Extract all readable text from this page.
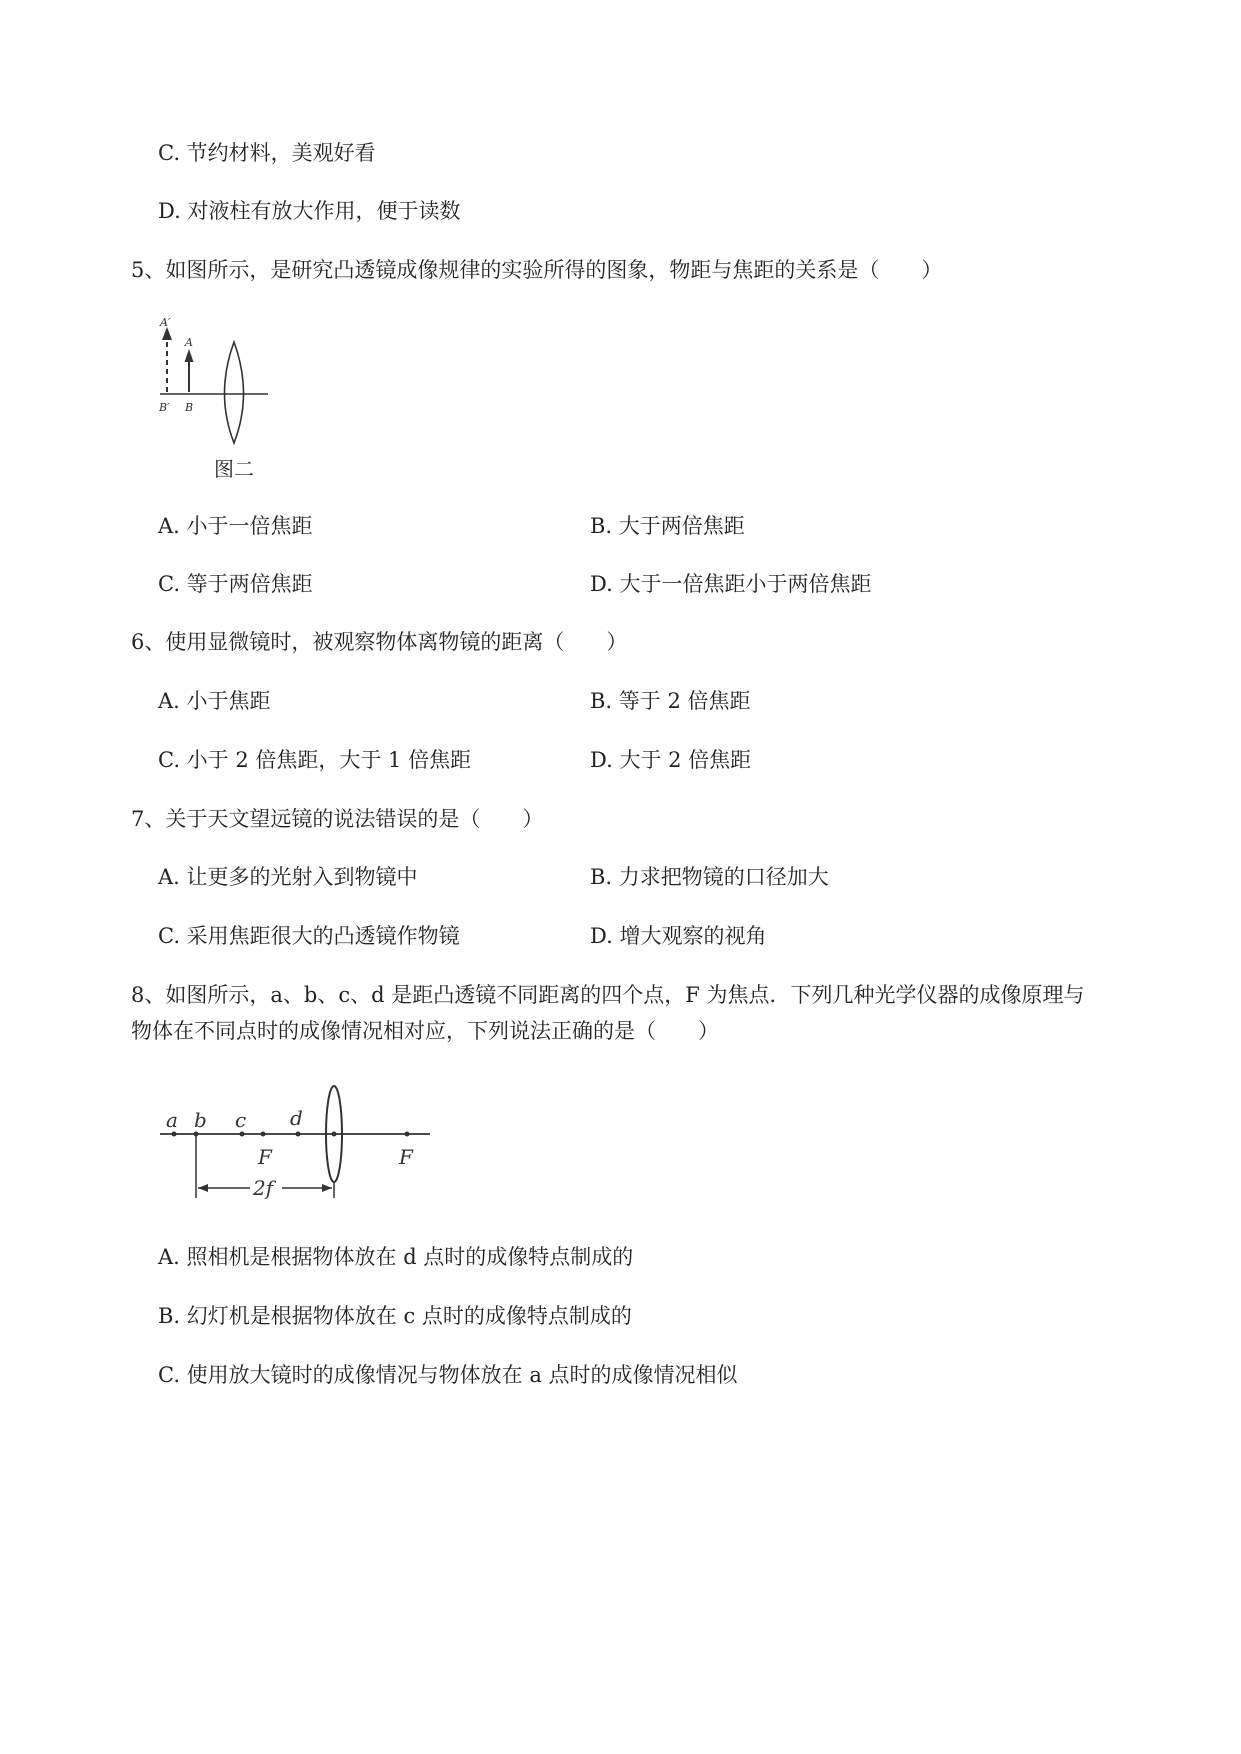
C. 节约材料，美观好看
D. 对液柱有放大作用，便于读数
5、如图所示，是研究凸透镜成像规律的实验所得的图象，物距与焦距的关系是（　　）
A′
A
B′ B
图二
A. 小于一倍焦距	B. 大于两倍焦距
C. 等于两倍焦距	D. 大于一倍焦距小于两倍焦距
6、使用显微镜时，被观察物体离物镜的距离（　　）
A. 小于焦距	B. 等于 2 倍焦距
C. 小于 2 倍焦距，大于 1 倍焦距	D. 大于 2 倍焦距
7、关于天文望远镜的说法错误的是（　　）
A. 让更多的光射入到物镜中	B. 力求把物镜的口径加大
C. 采用焦距很大的凸透镜作物镜	D. 增大观察的视角
8、如图所示，a、b、c、d 是距凸透镜不同距离的四个点，F 为焦点．下列几种光学仪器的成像原理与
物体在不同点时的成像情况相对应，下列说法正确的是（　　）
a b c d
F	F
2f
A. 照相机是根据物体放在 d 点时的成像特点制成的
B. 幻灯机是根据物体放在 c 点时的成像特点制成的
C. 使用放大镜时的成像情况与物体放在 a 点时的成像情况相似
